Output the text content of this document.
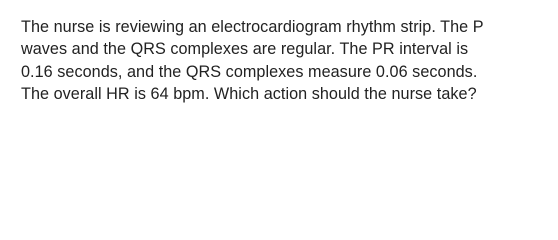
The nurse is reviewing an electrocardiogram rhythm strip. The P
waves and the QRS complexes are regular. The PR interval is
0.16 seconds, and the QRS complexes measure 0.06 seconds.
The overall HR is 64 bpm. Which action should the nurse take?
